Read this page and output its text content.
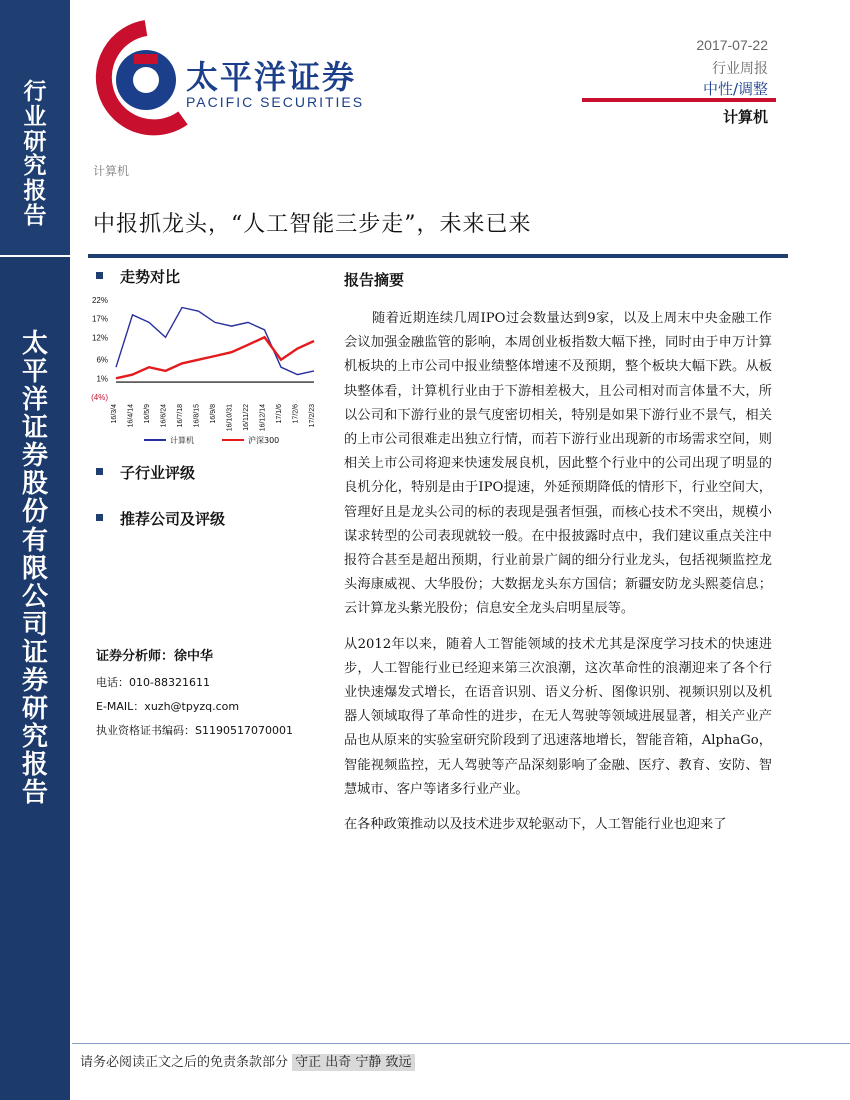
行
业
研
究
报
告
太
平
洋
证
券
股
份
有
限
公
司
证
券
研
究
报
告
太平洋证券
PACIFIC SECURITIES
2017-07-22
行业周报
中性/调整
计算机
计算机
中报抓龙头，“人工智能三步走”，未来已来
走势对比
子行业评级
推荐公司及评级
22%
17%
12%
6%
1%
(4%)
16/3/4 16/4/14 16/5/9 16/6/24 16/7/18 16/8/15 16/9/8 16/10/31 16/11/22 16/12/14 17/1/6 17/2/6 17/2/23
计算机	沪深300
证券分析师：徐中华
电话：010-88321611
E-MAIL：xuzh@tpyzq.com
执业资格证书编码：S1190517070001
报告摘要

随着近期连续几周IPO过会数量达到9家，以及上周末中央金融工作会议加强金融监管的影响，本周创业板指数大幅下挫，同时由于申万计算机板块的上市公司中报业绩整体增速不及预期，整个板块大幅下跌。从板块整体看，计算机行业由于下游相差极大，且公司相对而言体量不大，所以公司和下游行业的景气度密切相关，特别是如果下游行业不景气，相关的上市公司很难走出独立行情，而若下游行业出现新的市场需求空间，则相关上市公司将迎来快速发展良机，因此整个行业中的公司出现了明显的良机分化，特别是由于IPO提速，外延预期降低的情形下，行业空间大，管理好且是龙头公司的标的表现是强者恒强，而核心技术不突出，规模小谋求转型的公司表现就较一般。在中报披露时点中，我们建议重点关注中报符合甚至是超出预期，行业前景广阔的细分行业龙头，包括视频监控龙头海康威视、大华股份；大数据龙头东方国信；新疆安防龙头熙菱信息；云计算龙头紫光股份；信息安全龙头启明星辰等。

从2012年以来，随着人工智能领域的技术尤其是深度学习技术的快速进步，人工智能行业已经迎来第三次浪潮，这次革命性的浪潮迎来了各个行业快速爆发式增长，在语音识别、语义分析、图像识别、视频识别以及机器人领域取得了革命性的进步，在无人驾驶等领域进展显著，相关产业产品也从原来的实验室研究阶段到了迅速落地增长，智能音箱，AlphaGo，智能视频监控，无人驾驶等产品深刻影响了金融、医疗、教育、安防、智慧城市、客户等诸多行业产业。

在各种政策推动以及技术进步双轮驱动下，人工智能行业也迎来了

请务必阅读正文之后的免责条款部分 守正 出奇 宁静 致远
